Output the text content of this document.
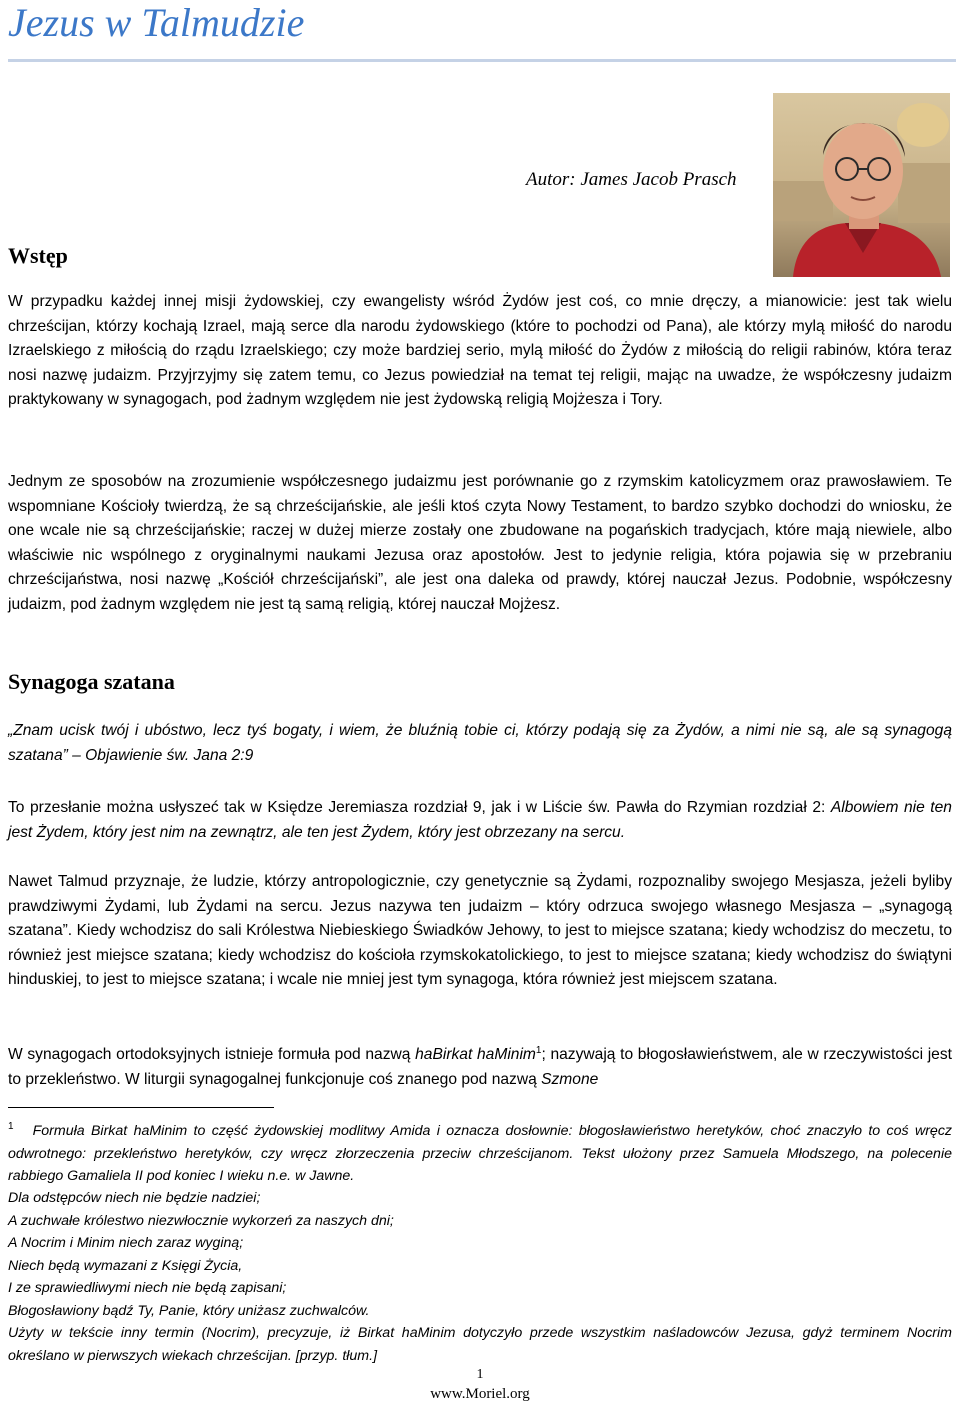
Jezus w Talmudzie
Autor: James Jacob Prasch
Wstęp

W przypadku każdej innej misji żydowskiej, czy ewangelisty wśród Żydów jest coś, co mnie dręczy, a mianowicie: jest tak wielu chrześcijan, którzy kochają Izrael, mają serce dla narodu żydowskiego (które to pochodzi od Pana), ale którzy mylą miłość do narodu Izraelskiego z miłością do rządu Izraelskiego; czy może bardziej serio, mylą miłość do Żydów z miłością do religii rabinów, która teraz nosi nazwę judaizm. Przyjrzyjmy się zatem temu, co Jezus powiedział na temat tej religii, mając na uwadze, że współczesny judaizm praktykowany w synagogach, pod żadnym względem nie jest żydowską religią Mojżesza i Tory.

Jednym ze sposobów na zrozumienie współczesnego judaizmu jest porównanie go z rzymskim katolicyzmem oraz prawosławiem. Te wspomniane Kościoły twierdzą, że są chrześcijańskie, ale jeśli ktoś czyta Nowy Testament, to bardzo szybko dochodzi do wniosku, że one wcale nie są chrześcijańskie; raczej w dużej mierze zostały one zbudowane na pogańskich tradycjach, które mają niewiele, albo właściwie nic wspólnego z oryginalnymi naukami Jezusa oraz apostołów. Jest to jedynie religia, która pojawia się w przebraniu chrześcijaństwa, nosi nazwę „Kościół chrześcijański”, ale jest ona daleka od prawdy, której nauczał Jezus. Podobnie, współczesny judaizm, pod żadnym względem nie jest tą samą religią, której nauczał Mojżesz.

Synagoga szatana

„Znam ucisk twój i ubóstwo, lecz tyś bogaty, i wiem, że bluźnią tobie ci, którzy podają się za Żydów, a nimi nie są, ale są synagogą szatana” – Objawienie św. Jana 2:9

To przesłanie można usłyszeć tak w Księdze Jeremiasza rozdział 9, jak i w Liście św. Pawła do Rzymian rozdział 2: Albowiem nie ten jest Żydem, który jest nim na zewnątrz, ale ten jest Żydem, który jest obrzezany na sercu.

Nawet Talmud przyznaje, że ludzie, którzy antropologicznie, czy genetycznie są Żydami, rozpoznaliby swojego Mesjasza, jeżeli byliby prawdziwymi Żydami, lub Żydami na sercu. Jezus nazywa ten judaizm – który odrzuca swojego własnego Mesjasza – „synagogą szatana”. Kiedy wchodzisz do sali Królestwa Niebieskiego Świadków Jehowy, to jest to miejsce szatana; kiedy wchodzisz do meczetu, to również jest miejsce szatana; kiedy wchodzisz do kościoła rzymskokatolickiego, to jest to miejsce szatana; kiedy wchodzisz do świątyni hinduskiej, to jest to miejsce szatana; i wcale nie mniej jest tym synagoga, która również jest miejscem szatana.

W synagogach ortodoksyjnych istnieje formuła pod nazwą haBirkat haMinim$^1$; nazywają to błogosławieństwem, ale w rzeczywistości jest to przekleństwo. W liturgii synagogalnej funkcjonuje coś znanego pod nazwą Szmone

$^1$ Formuła Birkat haMinim to część żydowskiej modlitwy Amida i oznacza dosłownie: błogosławieństwo heretyków, choć znaczyło to coś wręcz odwrotnego: przekleństwo heretyków, czy wręcz złorzeczenia przeciw chrześcijanom. Tekst ułożony przez Samuela Młodszego, na polecenie rabbiego Gamaliela II pod koniec I wieku n.e. w Jawne.

Dla odstępców niech nie będzie nadziei;
A zuchwałe królestwo niezwłocznie wykorzeń za naszych dni;
A Nocrim i Minim niech zaraz wyginą;
Niech będą wymazani z Księgi Życia,
I ze sprawiedliwymi niech nie będą zapisani;
Błogosławiony bądź Ty, Panie, który uniżasz zuchwalców.

Użyty w tekście inny termin (Nocrim), precyzuje, iż Birkat haMinim dotyczyło przede wszystkim naśladowców Jezusa, gdyż terminem Nocrim określano w pierwszych wiekach chrześcijan. [przyp. tłum.]

1
www.Moriel.org
